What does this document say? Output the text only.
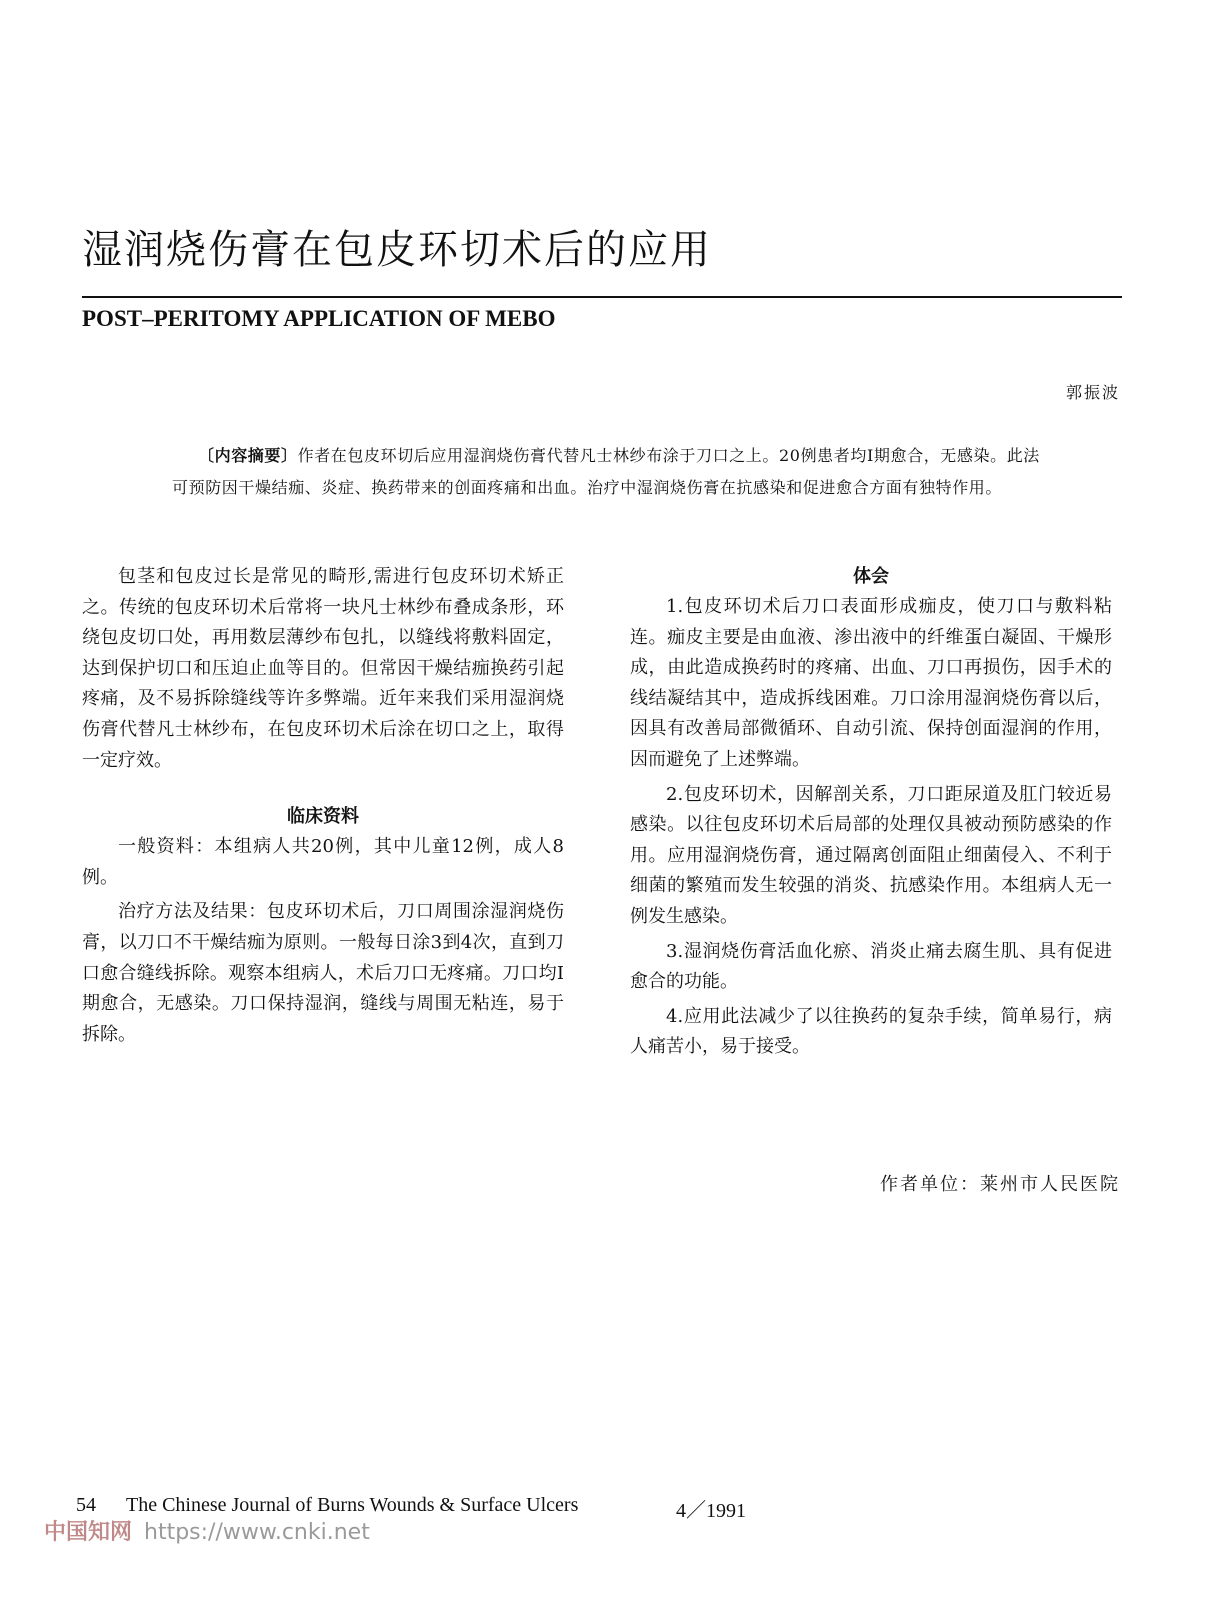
湿润烧伤膏在包皮环切术后的应用
POST–PERITOMY APPLICATION OF MEBO
郭振波
〔内容摘要〕作者在包皮环切后应用湿润烧伤膏代替凡士林纱布涂于刀口之上。20例患者均Ⅰ期愈合，无感染。此法可预防因干燥结痂、炎症、换药带来的创面疼痛和出血。治疗中湿润烧伤膏在抗感染和促进愈合方面有独特作用。

包茎和包皮过长是常见的畸形,需进行包皮环切术矫正之。传统的包皮环切术后常将一块凡士林纱布叠成条形，环绕包皮切口处，再用数层薄纱布包扎，以缝线将敷料固定，达到保护切口和压迫止血等目的。但常因干燥结痂换药引起疼痛，及不易拆除缝线等许多弊端。近年来我们采用湿润烧伤膏代替凡士林纱布，在包皮环切术后涂在切口之上，取得一定疗效。

临床资料

一般资料：本组病人共20例，其中儿童12例，成人8例。

治疗方法及结果：包皮环切术后，刀口周围涂湿润烧伤膏，以刀口不干燥结痂为原则。一般每日涂3到4次，直到刀口愈合缝线拆除。观察本组病人，术后刀口无疼痛。刀口均Ⅰ期愈合，无感染。刀口保持湿润，缝线与周围无粘连，易于拆除。

体会

1.包皮环切术后刀口表面形成痂皮，使刀口与敷料粘连。痂皮主要是由血液、渗出液中的纤维蛋白凝固、干燥形成，由此造成换药时的疼痛、出血、刀口再损伤，因手术的线结凝结其中，造成拆线困难。刀口涂用湿润烧伤膏以后，因具有改善局部微循环、自动引流、保持创面湿润的作用，因而避免了上述弊端。

2.包皮环切术，因解剖关系，刀口距尿道及肛门较近易感染。以往包皮环切术后局部的处理仅具被动预防感染的作用。应用湿润烧伤膏，通过隔离创面阻止细菌侵入、不利于细菌的繁殖而发生较强的消炎、抗感染作用。本组病人无一例发生感染。

3.湿润烧伤膏活血化瘀、消炎止痛去腐生肌、具有促进愈合的功能。

4.应用此法减少了以往换药的复杂手续，简单易行，病人痛苦小，易于接受。

作者单位：莱州市人民医院
54 The Chinese Journal of Burns Wounds & Surface Ulcers	4／1991
中国知网 https://www.cnki.net
